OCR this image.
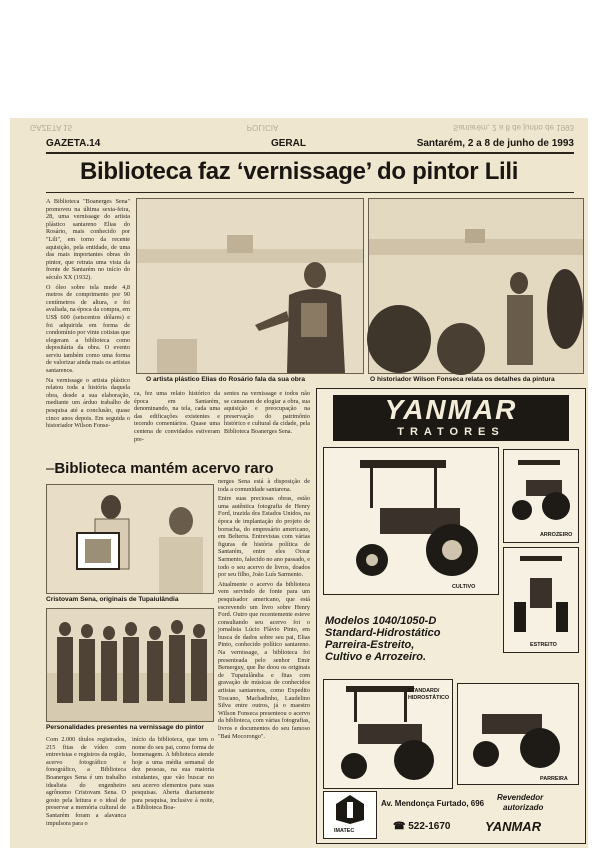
GAZETA 15	POLICIA	Santarém, 2 a 8 de junho de 1993
GAZETA.14	GERAL	Santarém, 2 a 8 de junho de 1993
Biblioteca faz ‘vernissage’ do pintor Lili

A Biblioteca "Boanerges Sena" promoveu na última sexta-feira, 28, uma vernissage do artista plástico santareno Elias do Rosário, mais conhecido por "Lili", em torno da recente aquisição, pela entidade, de uma das mais importantes obras do pintor, que retrata uma vista da frente de Santarém no início do século XX (1932).

O óleo sobre tela mede 4,8 metros de comprimento por 90 centímetros de altura, e foi avaliada, na época da compra, em US$ 600 (seiscentos dólares) e foi adquirida em forma de condomínio por vinte cotistas que elegeram a biblioteca como depositária da obra. O evento serviu também como uma forma de valorizar ainda mais os artistas santarenos.

Na vernissage o artista plástico relatou toda a história daquela obra, desde a sua elaboração, mediante um árduo trabalho de pesquisa até a conclusão, quase cinco anos depois. Em seguida o historiador Wilson Fonse-

O artista plástico Elias do Rosário fala da sua obra	O historiador Wilson Fonseca relata os detalhes da pintura
ca, fez uma relato histórico da época em Santarém, denominando, na tela, cada uma das edificações existentes e tecendo comentários. Quase uma centena de convidados estiveram pre-
sentes na vernissage e todos não se cansaram de elogiar a obra, sua aquisição e preocupação na preservação do patrimônio histórico e cultural da cidade, pela Biblioteca Boanerges Sena.
–Biblioteca mantém acervo raro
Cristovam Sena, originais de Tupaiulândia
Personalidades presentes na vernissage do pintor
Com 2.000 títulos registrados, 215 fitas de vídeo com entrevistas e registros da região, acervo fotográfico e fonográfico, a Biblioteca Boanerges Sena é um trabalho idealista do engenheiro agrônomo Cristovam Sena. O gosto pela leitura e o ideal de preservar a memória cultural de Santarém foram a alavanca impulsora para o
início da biblioteca, que tem o nome do seu pai, como forma de homenagem. A biblioteca atende hoje a uma média semanal de dez pessoas, na sua maioria estudantes, que vão buscar no seu acervo elementos para suas pesquisas. Aberta diariamente para pesquisa, inclusive à noite, a Biblioteca Boa-

nerges Sena está à disposição de toda a comunidade santarena.

Entre suas preciosas obras, estão uma autêntica fotografia de Henry Ford, trazida dos Estados Unidos, na época de implantação do projeto de borracha, do empresário americano, em Belterra. Entrevistas com várias figuras de história política de Santarém, entre eles Ocear Sarmento, falecido no ano passado, e todo o seu acervo de livros, doados por seu filho, João Luís Sarmento.

Atualmente o acervo da biblioteca vem servindo de fonte para um pesquisador americano, que está escrevendo um livro sobre Henry Ford. Outro que recentemente esteve consultando seu acervo foi o jornalista Lúcio Flávio Pinto, em busca de dados sobre seu pai, Elias Pinto, conhecido político santareno. Na vernissage, a biblioteca foi presenteada pelo senhor Emir Bemerguy, que lhe doou os originais de Tupaiulândia e fitas com gravação de músicas de conhecidos artistas santarenos, como Expedito Toscano, Machadinho, Laudelino Silva entre outros, já o maestro Wilson Fonseca presenteou o acervo da biblioteca, com várias fotografias, livros e documentos do seu famoso "Baú Mocorongo".

YANMAR
TRATORES
CULTIVO
ARROZEIRO
ESTREITO
Modelos 1040/1050-D
Standard-Hidrostático
Parreira-Estreito,
Cultivo e Arrozeiro.
STANDARD/ HIDROSTÁTICO
PARREIRA
IMATEC
Av. Mendonça Furtado, 696
☎ 522-1670
Revendedor
autorizado
YANMAR
